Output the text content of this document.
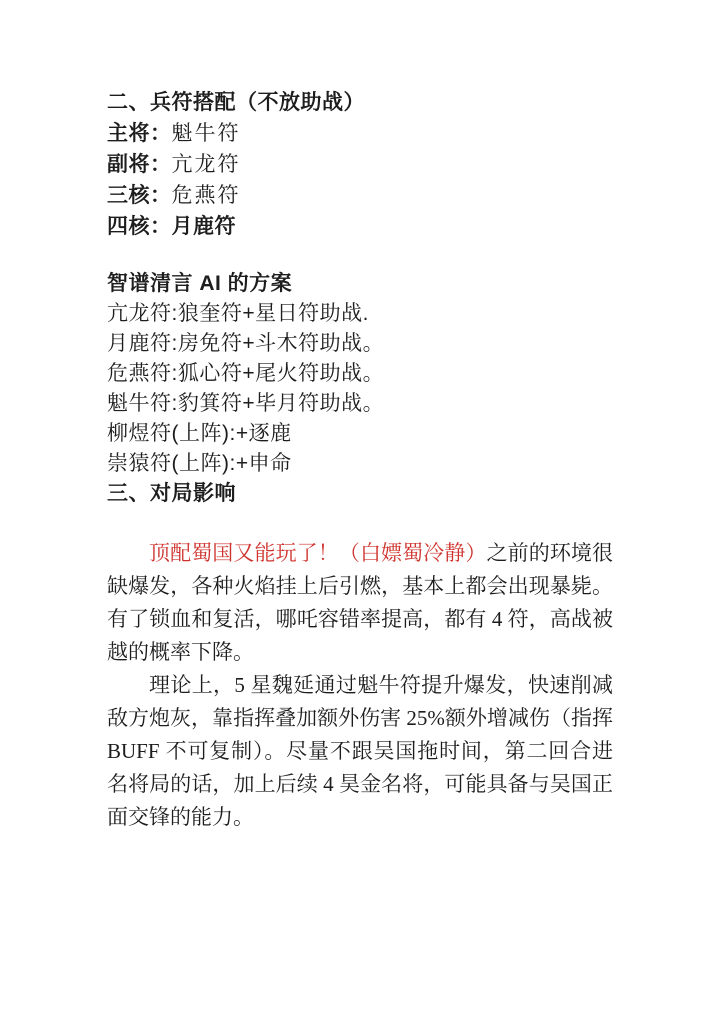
二、兵符搭配（不放助战）
主将：魁牛符
副将：亢龙符
三核：危燕符
四核：月鹿符
智谱清言 AI 的方案
亢龙符:狼奎符+星日符助战.
月鹿符:房免符+斗木符助战。
危燕符:狐心符+尾火符助战。
魁牛符:豹箕符+毕月符助战。
柳煜符(上阵):+逐鹿
崇猿符(上阵):+申命
三、对局影响

顶配蜀国又能玩了！（白嫖蜀冷静）之前的环境很缺爆发，各种火焰挂上后引燃，基本上都会出现暴毙。有了锁血和复活，哪吒容错率提高，都有 4 符，高战被越的概率下降。

理论上，5 星魏延通过魁牛符提升爆发，快速削减敌方炮灰，靠指挥叠加额外伤害 25%额外增减伤（指挥 BUFF 不可复制）。尽量不跟吴国拖时间，第二回合进名将局的话，加上后续 4 昊金名将，可能具备与吴国正面交锋的能力。
